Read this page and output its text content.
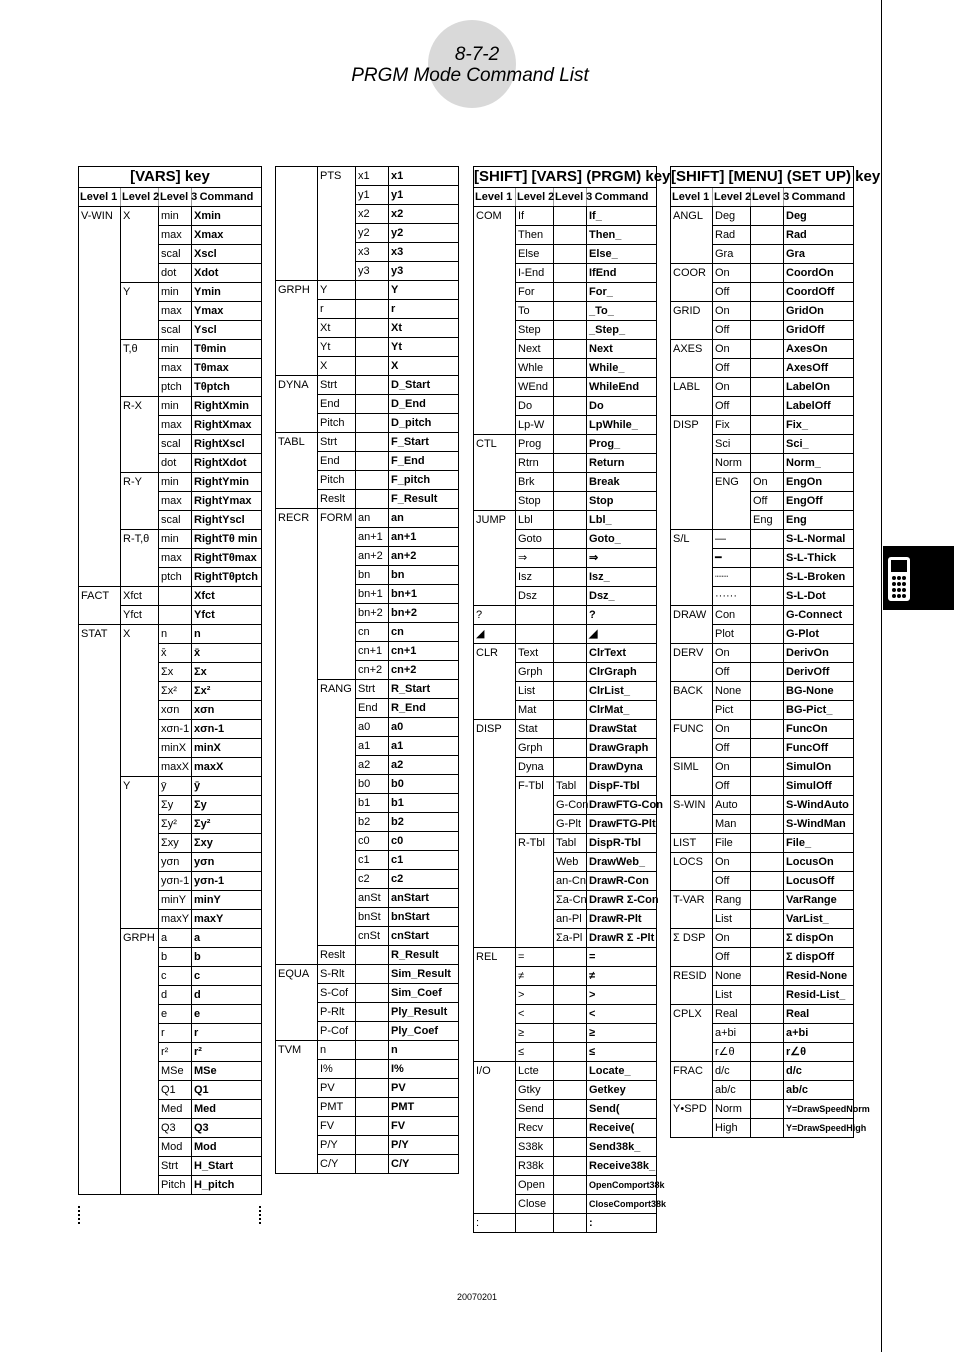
8-7-2
PRGM Mode Command List
[VARS] key			
Level 1	Level 2	Level 3	Command
V-WIN	X	min	Xmin
		max	Xmax
		scal	Xscl
		dot	Xdot
	Y	min	Ymin
		max	Ymax
		scal	Yscl
	T,θ	min	Tθmin
		max	Tθmax
		ptch	Tθptch
	R-X	min	RightXmin
		max	RightXmax
		scal	RightXscl
		dot	RightXdot
	R-Y	min	RightYmin
		max	RightYmax
		scal	RightYscl
	R-T,θ	min	RightTθ min
		max	RightTθmax
		ptch	RightTθptch
FACT	Xfct		Xfct
	Yfct		Yfct
STAT	X	n	n
		x̄	x̄
		Σx	Σx
		Σx²	Σx²
		xσn	xσn
		xσn-1	xσn-1
		minX	minX
		maxX	maxX
	Y	ȳ	ȳ
		Σy	Σy
		Σy²	Σy²
		Σxy	Σxy
		yσn	yσn
		yσn-1	yσn-1
		minY	minY
		maxY	maxY
	GRPH	a	a
		b	b
		c	c
		d	d
		e	e
		r	r
		r²	r²
		MSe	MSe
		Q1	Q1
		Med	Med
		Q3	Q3
		Mod	Mod
		Strt	H_Start
		Pitch	H_pitch
	PTS	x1	x1
		y1	y1
		x2	x2
		y2	y2
		x3	x3
		y3	y3
GRPH	Y		Y
	r		r
	Xt		Xt
	Yt		Yt
	X		X
DYNA	Strt		D_Start
	End		D_End
	Pitch		D_pitch
TABL	Strt		F_Start
	End		F_End
	Pitch		F_pitch
	Reslt		F_Result
RECR	FORM	an	an
		an+1	an+1
		an+2	an+2
		bn	bn
		bn+1	bn+1
		bn+2	bn+2
		cn	cn
		cn+1	cn+1
		cn+2	cn+2
	RANG	Strt	R_Start
		End	R_End
		a0	a0
		a1	a1
		a2	a2
		b0	b0
		b1	b1
		b2	b2
		c0	c0
		c1	c1
		c2	c2
		anSt	anStart
		bnSt	bnStart
		cnSt	cnStart
	Reslt		R_Result
EQUA	S-Rlt		Sim_Result
	S-Cof		Sim_Coef
	P-Rlt		Ply_Result
	P-Cof		Ply_Coef
TVM	n		n
	I%		I%
	PV		PV
	PMT		PMT
	FV		FV
	P/Y		P/Y
	C/Y		C/Y
[SHIFT] [VARS] (PRGM) key			
Level 1	Level 2	Level 3	Command
COM	If		If_
	Then		Then_
	Else		Else_
	I-End		IfEnd
	For		For_
	To		_To_
	Step		_Step_
	Next		Next
	Whle		While_
	WEnd		WhileEnd
	Do		Do
	Lp-W		LpWhile_
CTL	Prog		Prog_
	Rtrn		Return
	Brk		Break
	Stop		Stop
JUMP	Lbl		Lbl_
	Goto		Goto_
	⇒		⇒
	Isz		Isz_
	Dsz		Dsz_
?			?
◢			◢
CLR	Text		ClrText
	Grph		ClrGraph
	List		ClrList_
	Mat		ClrMat_
DISP	Stat		DrawStat
	Grph		DrawGraph
	Dyna		DrawDyna
	F-Tbl	Tabl	DispF-Tbl
		G-Con	DrawFTG-Con
		G-Plt	DrawFTG-Plt
	R-Tbl	Tabl	DispR-Tbl
		Web	DrawWeb_
		an-Cn	DrawR-Con
		Σa-Cn	DrawR Σ-Con
		an-Pl	DrawR-Plt
		Σa-Pl	DrawR Σ -Plt
REL	=		=
	≠		≠
	>		>
	<		<
	≥		≥
	≤		≤
I/O	Lcte		Locate_
	Gtky		Getkey
	Send		Send(
	Recv		Receive(
	S38k		Send38k_
	R38k		Receive38k_
	Open		OpenComport38k
	Close		CloseComport38k
:			:
[SHIFT] [MENU] (SET UP) key			
Level 1	Level 2	Level 3	Command
ANGL	Deg		Deg
	Rad		Rad
	Gra		Gra
COOR	On		CoordOn
	Off		CoordOff
GRID	On		GridOn
	Off		GridOff
AXES	On		AxesOn
	Off		AxesOff
LABL	On		LabelOn
	Off		LabelOff
DISP	Fix		Fix_
	Sci		Sci_
	Norm		Norm_
	ENG	On	EngOn
		Off	EngOff
		Eng	Eng
S/L	—		S-L-Normal
	━		S-L-Thick
	┈┈		S-L-Broken
	······		S-L-Dot
DRAW	Con		G-Connect
	Plot		G-Plot
DERV	On		DerivOn
	Off		DerivOff
BACK	None		BG-None
	Pict		BG-Pict_
FUNC	On		FuncOn
	Off		FuncOff
SIML	On		SimulOn
	Off		SimulOff
S-WIN	Auto		S-WindAuto
	Man		S-WindMan
LIST	File		File_
LOCS	On		LocusOn
	Off		LocusOff
T-VAR	Rang		VarRange
	List		VarList_
Σ DSP	On		Σ dispOn
	Off		Σ dispOff
RESID	None		Resid-None
	List		Resid-List_
CPLX	Real		Real
	a+bi		a+bi
	r∠θ		r∠θ
FRAC	d/c		d/c
	ab/c		ab/c
Y•SPD	Norm		Y=DrawSpeedNorm
	High		Y=DrawSpeedHigh
20070201
